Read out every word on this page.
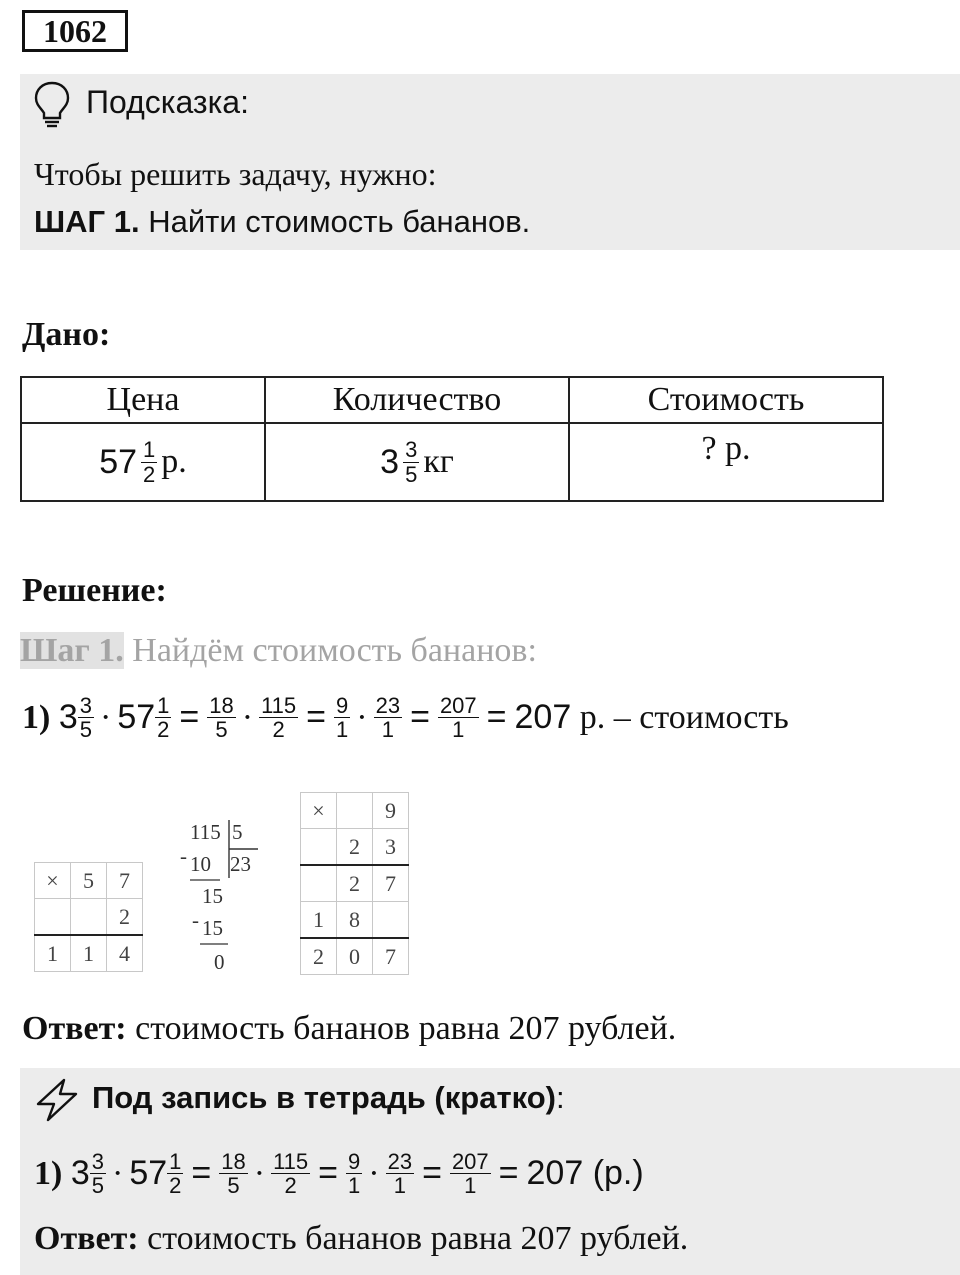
1062
Подсказка:
Чтобы решить задачу, нужно:
ШАГ 1. Найти стоимость бананов.
Дано:
Цена	Количество	Стоимость

$57 \frac{1}{2} р$.	$3 \frac{3}{5}$ кг	? р.
Решение:
Шаг 1. Найдём стоимость бананов:
1)
$3 \frac{3}{5} \cdot 57 \frac{1}{2} = \frac{18}{5} \cdot \frac{115}{2} = \frac{9}{1} \cdot \frac{23}{1} = \frac{207}{1} = 207$
р. – стоимость
×	5	7
		2
1	1	4
115 5
23
- 10
15
- 15
0
×		9
	2	3
	2	7
1	8	
2	0	7
Ответ: стоимость бананов равна 207 рублей.
Под запись в тетрадь (кратко):
1)
$3 \frac{3}{5} \cdot 57 \frac{1}{2} = \frac{18}{5} \cdot \frac{115}{2} = \frac{9}{1} \cdot \frac{23}{1} = \frac{207}{1} = 207$ (р.)
Ответ: стоимость бананов равна 207 рублей.
